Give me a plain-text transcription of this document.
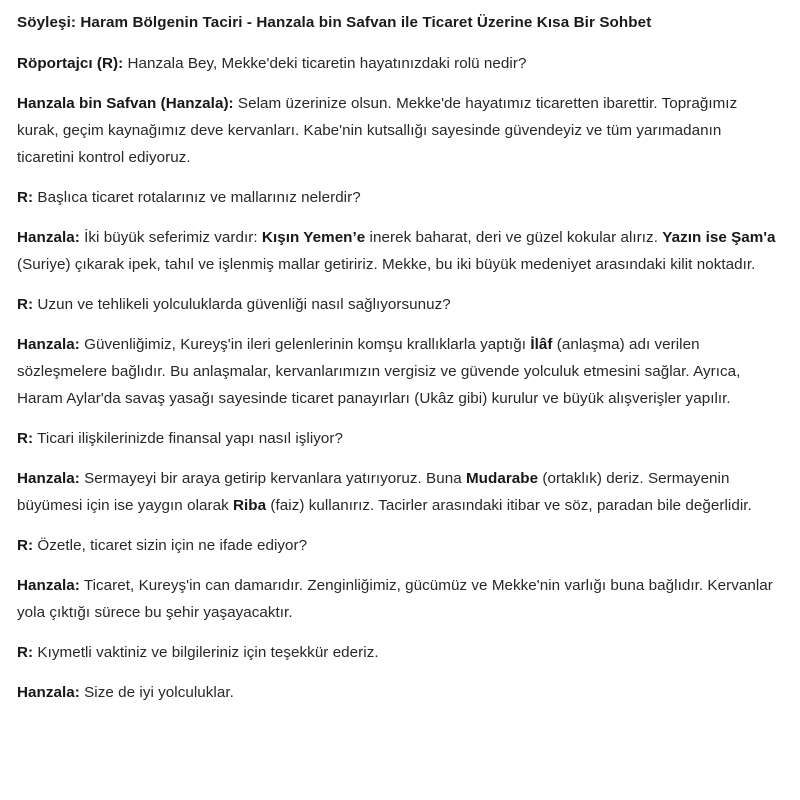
Söyleşi: Haram Bölgenin Taciri - Hanzala bin Safvan ile Ticaret Üzerine Kısa Bir Sohbet
Röportajcı (R): Hanzala Bey, Mekke'deki ticaretin hayatınızdaki rolü nedir?
Hanzala bin Safvan (Hanzala): Selam üzerinize olsun. Mekke'de hayatımız ticaretten ibarettir. Toprağımız kurak, geçim kaynağımız deve kervanları. Kabe'nin kutsallığı sayesinde güvendeyiz ve tüm yarımadanın ticaretini kontrol ediyoruz.
R: Başlıca ticaret rotalarınız ve mallarınız nelerdir?
Hanzala: İki büyük seferimiz vardır: Kışın Yemen’e inerek baharat, deri ve güzel kokular alırız. Yazın ise Şam'a (Suriye) çıkarak ipek, tahıl ve işlenmiş mallar getiririz. Mekke, bu iki büyük medeniyet arasındaki kilit noktadır.
R: Uzun ve tehlikeli yolculuklarda güvenliği nasıl sağlıyorsunuz?
Hanzala: Güvenliğimiz, Kureyş'in ileri gelenlerinin komşu krallıklarla yaptığı İlâf (anlaşma) adı verilen sözleşmelere bağlıdır. Bu anlaşmalar, kervanlarımızın vergisiz ve güvende yolculuk etmesini sağlar. Ayrıca, Haram Aylar'da savaş yasağı sayesinde ticaret panayırları (Ukâz gibi) kurulur ve büyük alışverişler yapılır.
R: Ticari ilişkilerinizde finansal yapı nasıl işliyor?
Hanzala: Sermayeyi bir araya getirip kervanlara yatırıyoruz. Buna Mudarabe (ortaklık) deriz. Sermayenin büyümesi için ise yaygın olarak Riba (faiz) kullanırız. Tacirler arasındaki itibar ve söz, paradan bile değerlidir.
R: Özetle, ticaret sizin için ne ifade ediyor?
Hanzala: Ticaret, Kureyş'in can damarıdır. Zenginliğimiz, gücümüz ve Mekke'nin varlığı buna bağlıdır. Kervanlar yola çıktığı sürece bu şehir yaşayacaktır.
R: Kıymetli vaktiniz ve bilgileriniz için teşekkür ederiz.
Hanzala: Size de iyi yolculuklar.
